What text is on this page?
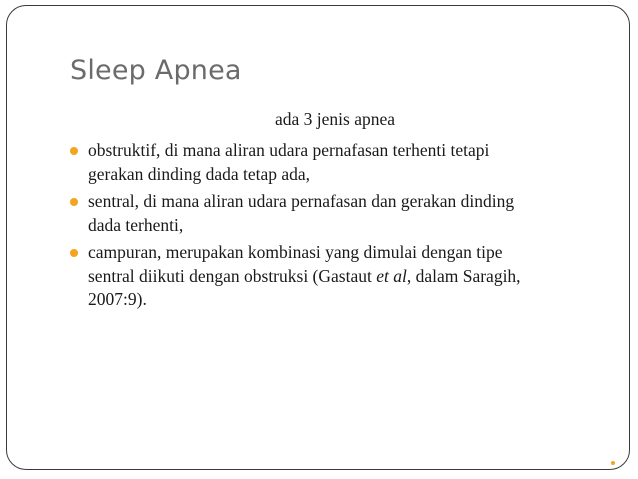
Sleep Apnea

ada 3 jenis apnea

obstruktif, di mana aliran udara pernafasan terhenti tetapi
gerakan dinding dada tetap ada,
sentral, di mana aliran udara pernafasan dan gerakan dinding
dada terhenti,
campuran, merupakan kombinasi yang dimulai dengan tipe
sentral diikuti dengan obstruksi (Gastaut et al, dalam Saragih,
2007:9).
